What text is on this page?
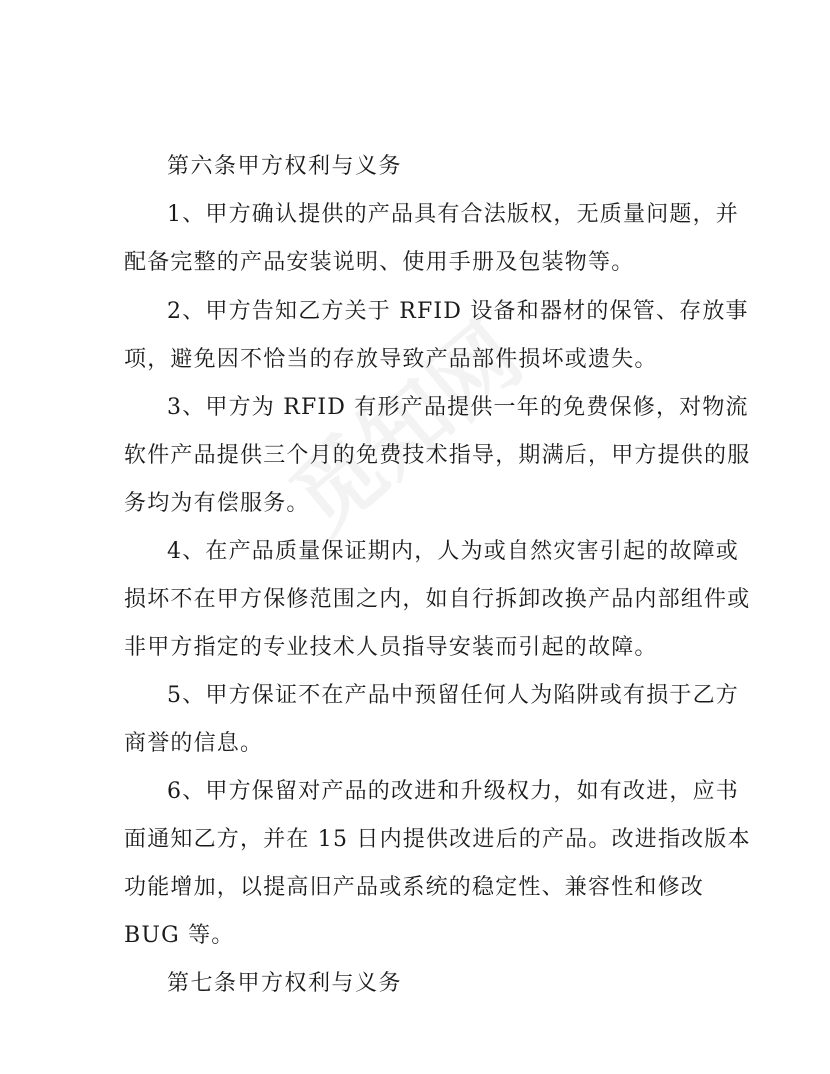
第六条甲方权利与义务
1、甲方确认提供的产品具有合法版权，无质量问题，并
配备完整的产品安装说明、使用手册及包装物等。
2、甲方告知乙方关于 RFID 设备和器材的保管、存放事
项，避免因不恰当的存放导致产品部件损坏或遗失。
3、甲方为 RFID 有形产品提供一年的免费保修，对物流
软件产品提供三个月的免费技术指导，期满后，甲方提供的服
务均为有偿服务。
4、在产品质量保证期内，人为或自然灾害引起的故障或
损坏不在甲方保修范围之内，如自行拆卸改换产品内部组件或
非甲方指定的专业技术人员指导安装而引起的故障。
5、甲方保证不在产品中预留任何人为陷阱或有损于乙方
商誉的信息。
6、甲方保留对产品的改进和升级权力，如有改进，应书
面通知乙方，并在 15 日内提供改进后的产品。改进指改版本
功能增加，以提高旧产品或系统的稳定性、兼容性和修改
BUG 等。
第七条甲方权利与义务
